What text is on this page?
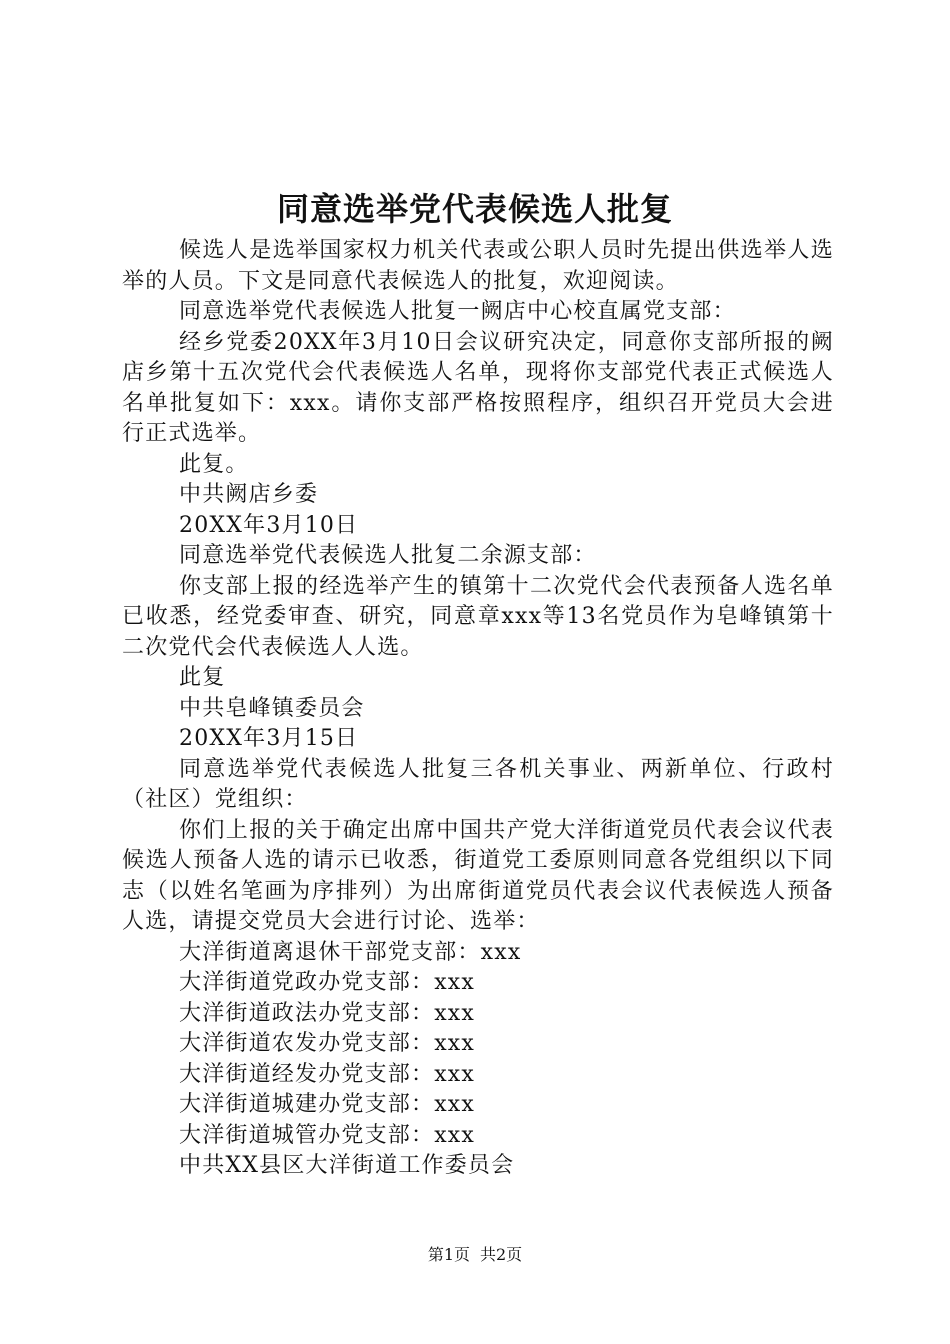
同意选举党代表候选人批复

候选人是选举国家权力机关代表或公职人员时先提出供选举人选举的人员。下文是同意代表候选人的批复，欢迎阅读。

同意选举党代表候选人批复一阙店中心校直属党支部：

经乡党委20XX年3月10日会议研究决定，同意你支部所报的阙店乡第十五次党代会代表候选人名单，现将你支部党代表正式候选人名单批复如下：xxx。请你支部严格按照程序，组织召开党员大会进行正式选举。

此复。

中共阙店乡委

20XX年3月10日

同意选举党代表候选人批复二余源支部：

你支部上报的经选举产生的镇第十二次党代会代表预备人选名单已收悉，经党委审查、研究，同意章xxx等13名党员作为皂峰镇第十二次党代会代表候选人人选。

此复

中共皂峰镇委员会

20XX年3月15日

同意选举党代表候选人批复三各机关事业、两新单位、行政村（社区）党组织：

你们上报的关于确定出席中国共产党大洋街道党员代表会议代表候选人预备人选的请示已收悉，街道党工委原则同意各党组织以下同志（以姓名笔画为序排列）为出席街道党员代表会议代表候选人预备人选，请提交党员大会进行讨论、选举：

大洋街道离退休干部党支部：xxx

大洋街道党政办党支部：xxx

大洋街道政法办党支部：xxx

大洋街道农发办党支部：xxx

大洋街道经发办党支部：xxx

大洋街道城建办党支部：xxx

大洋街道城管办党支部：xxx

中共XX县区大洋街道工作委员会

第1页 共2页
